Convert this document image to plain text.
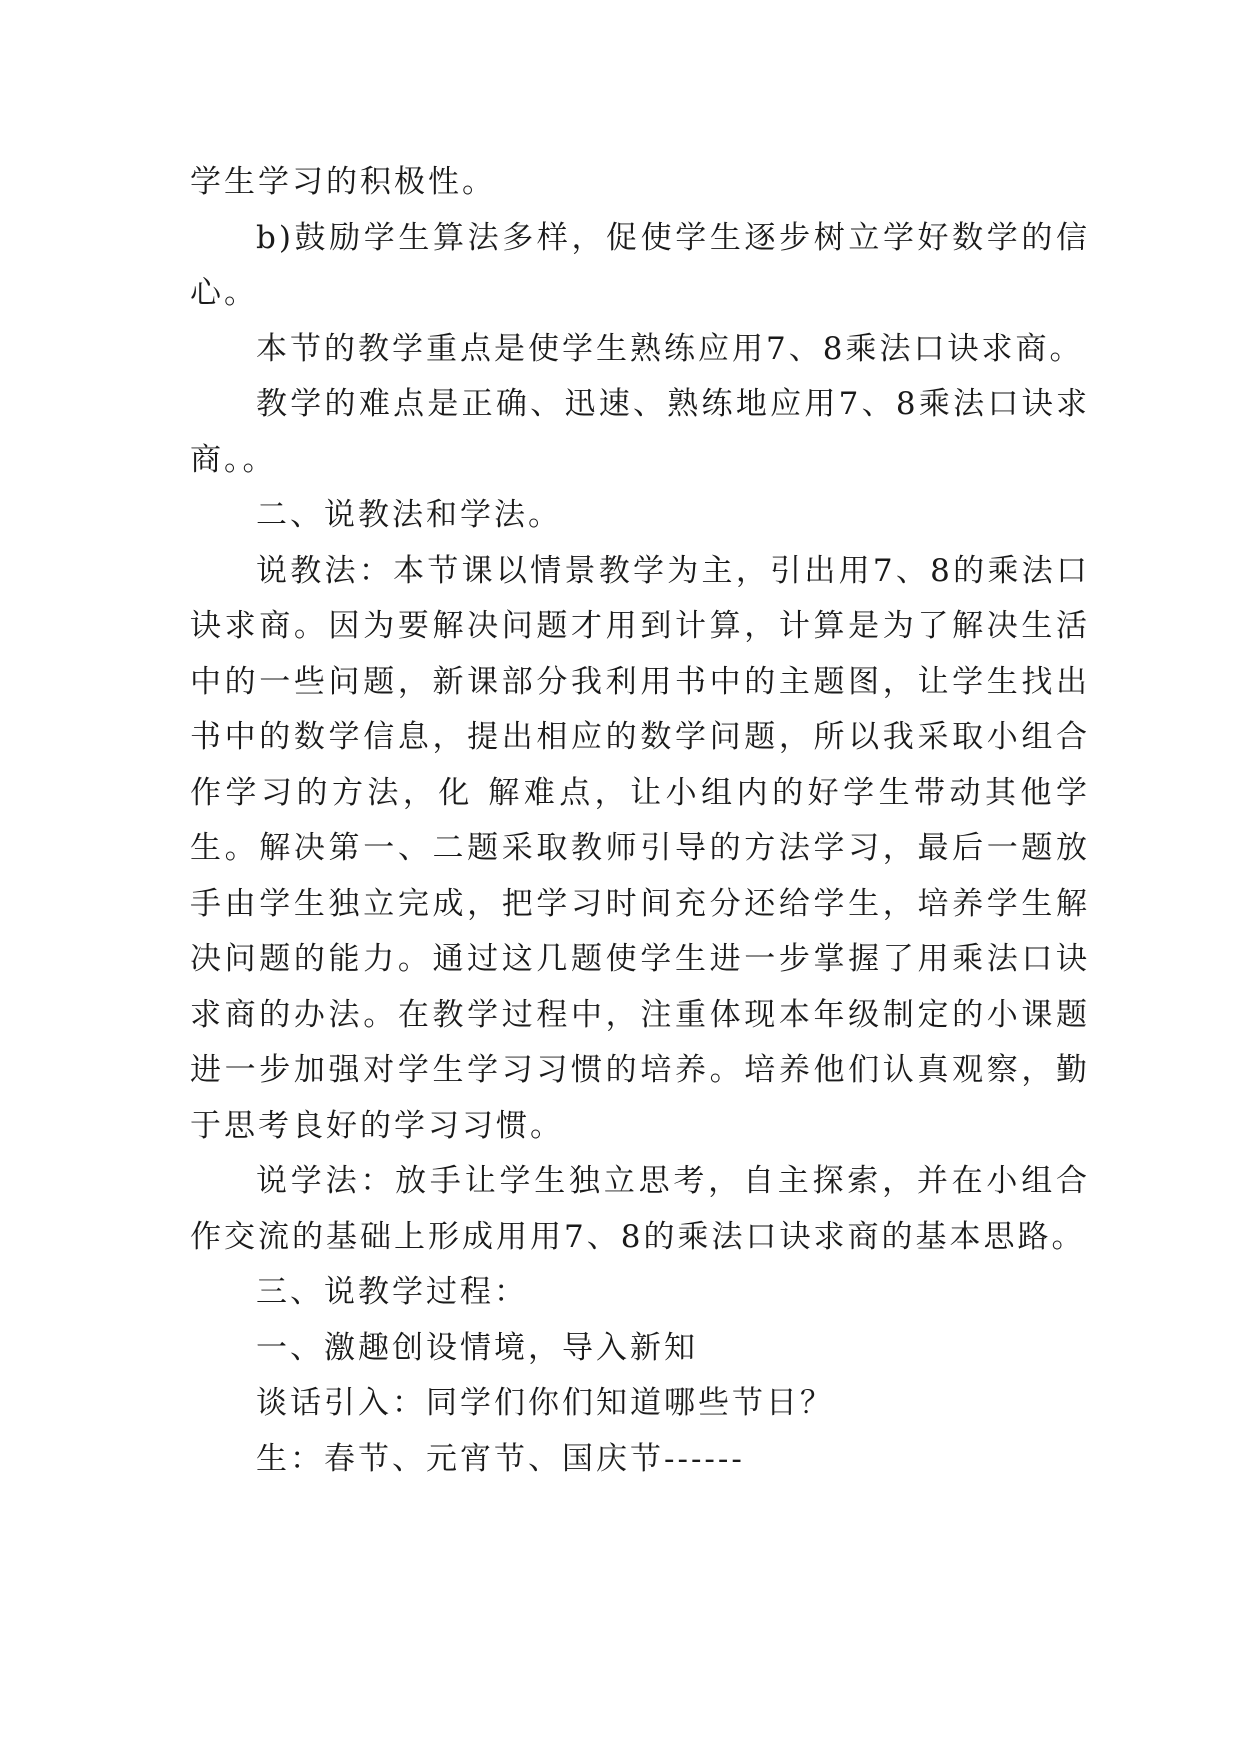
学生学习的积极性。

b)鼓励学生算法多样，促使学生逐步树立学好数学的信心。

本节的教学重点是使学生熟练应用7、8乘法口诀求商。

教学的难点是正确、迅速、熟练地应用7、8乘法口诀求商。。

二、说教法和学法。

说教法：本节课以情景教学为主，引出用7、8的乘法口诀求商。因为要解决问题才用到计算，计算是为了解决生活中的一些问题，新课部分我利用书中的主题图，让学生找出书中的数学信息，提出相应的数学问题，所以我采取小组合作学习的方法，化 解难点，让小组内的好学生带动其他学生。解决第一、二题采取教师引导的方法学习，最后一题放手由学生独立完成，把学习时间充分还给学生，培养学生解决问题的能力。通过这几题使学生进一步掌握了用乘法口诀求商的办法。在教学过程中，注重体现本年级制定的小课题进一步加强对学生学习习惯的培养。培养他们认真观察，勤于思考良好的学习习惯。

说学法：放手让学生独立思考，自主探索，并在小组合作交流的基础上形成用用7、8的乘法口诀求商的基本思路。

三、说教学过程：

一、激趣创设情境，导入新知

谈话引入：同学们你们知道哪些节日？

生：春节、元宵节、国庆节------
